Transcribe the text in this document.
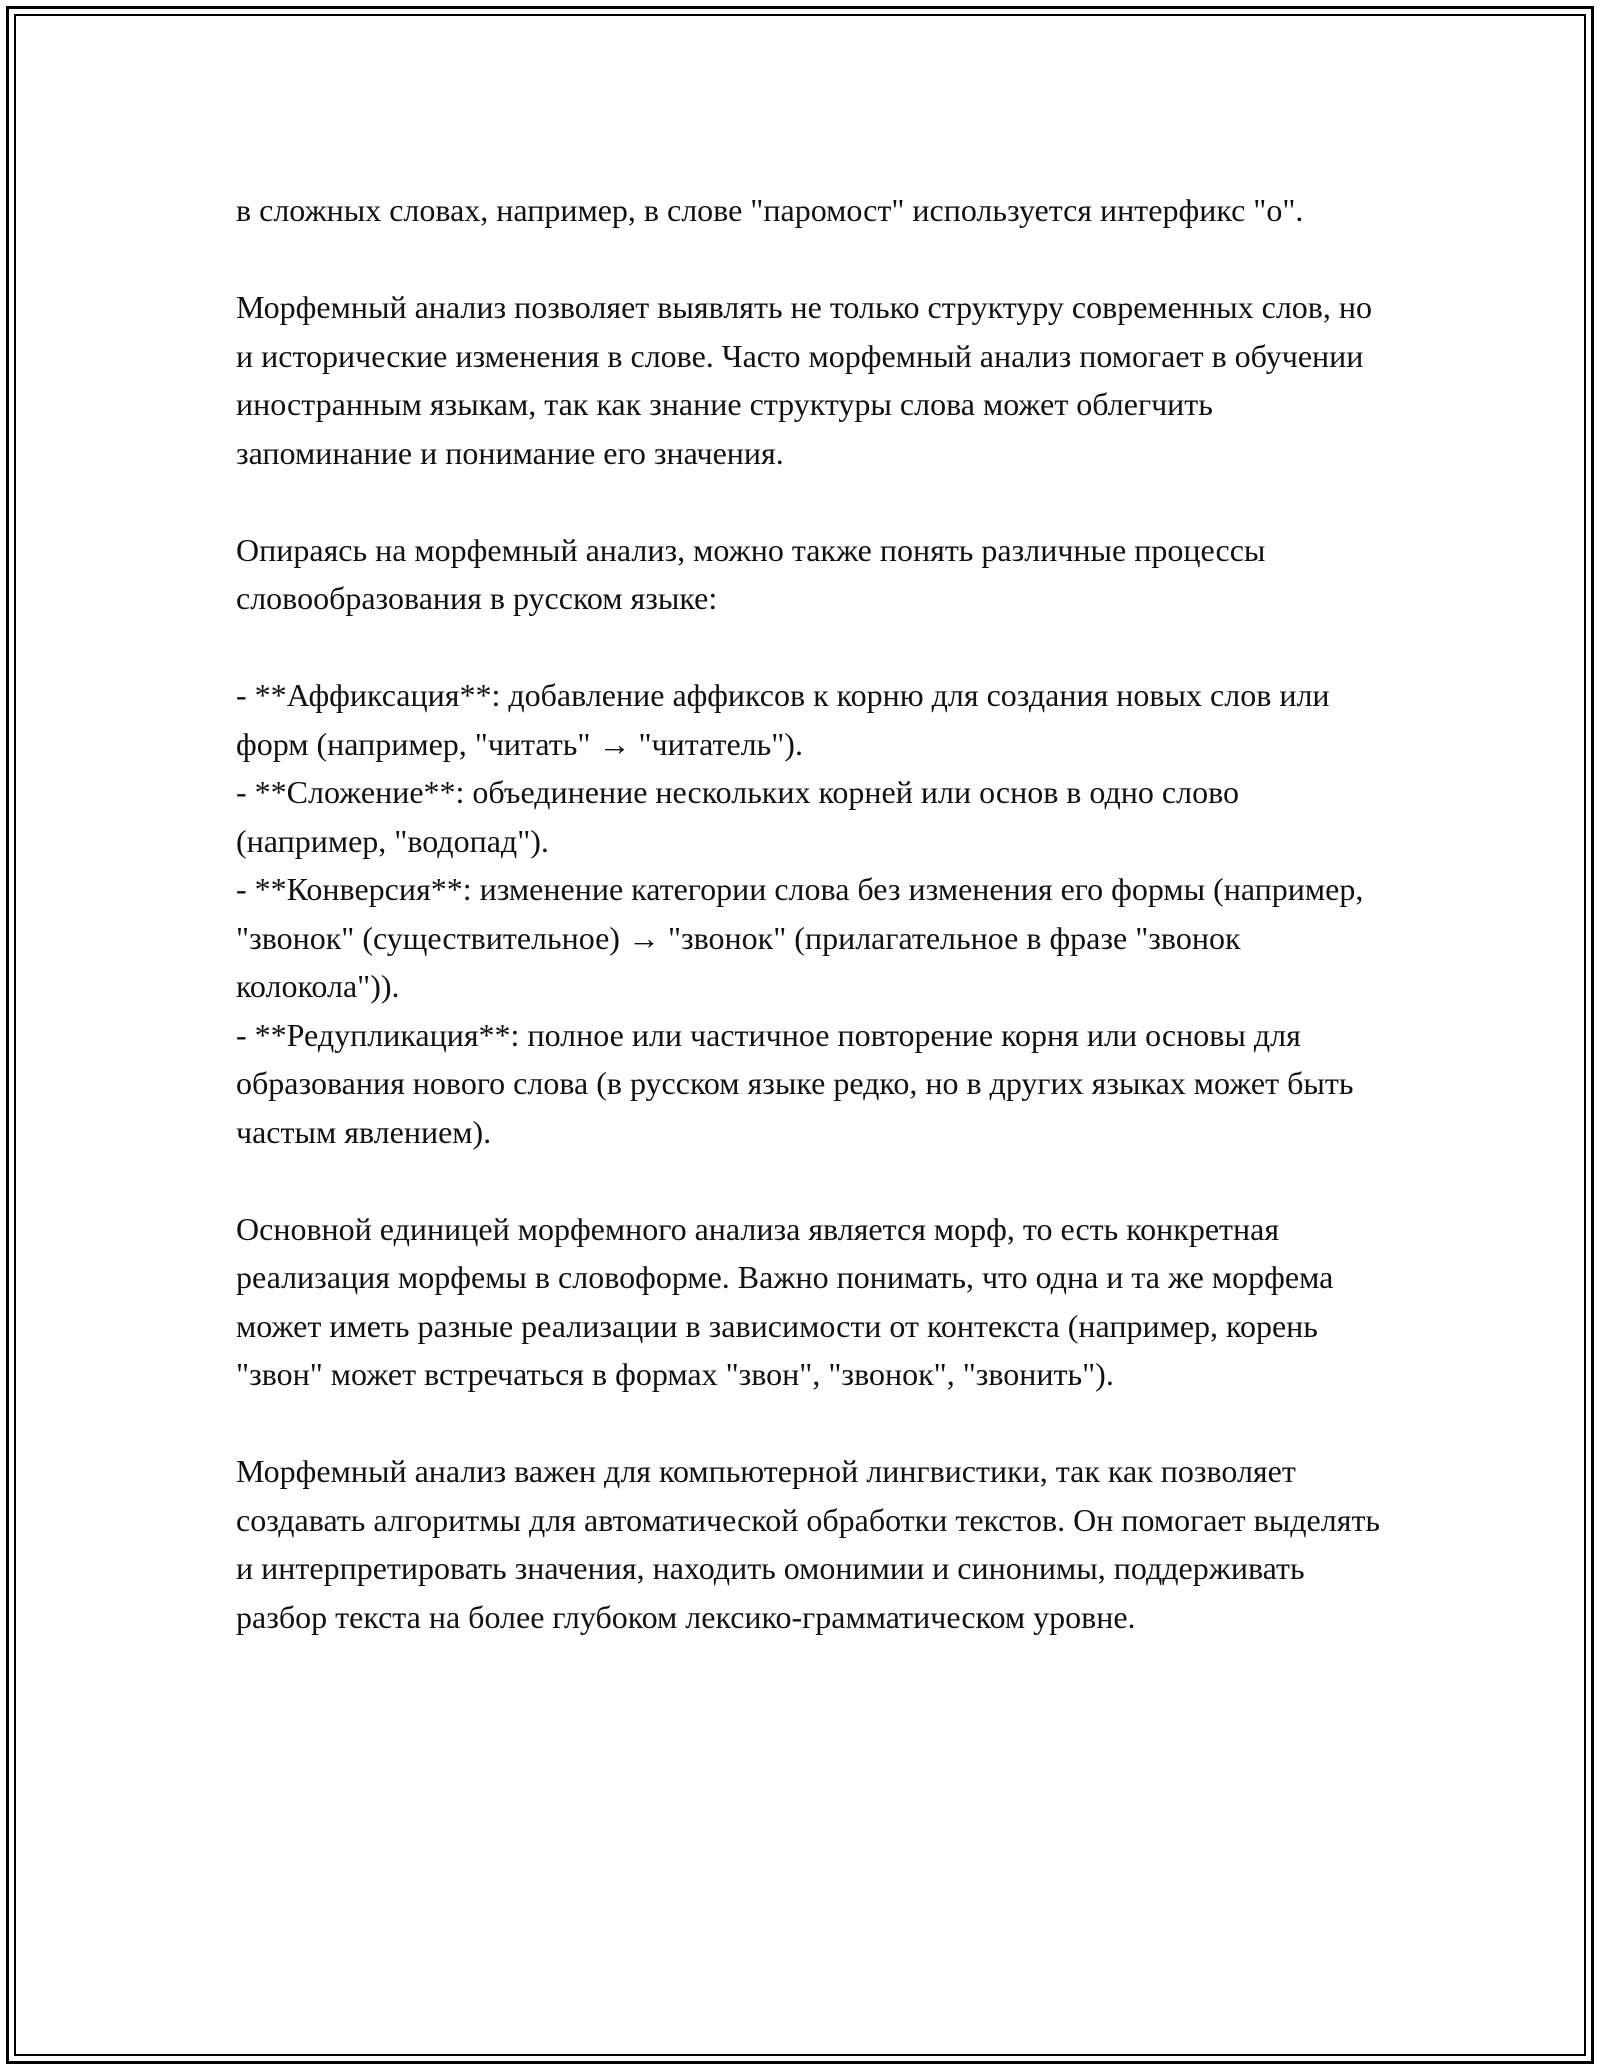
в сложных словах, например, в слове "паромост" используется интерфикс "о".

Морфемный анализ позволяет выявлять не только структуру современных слов, но и исторические изменения в слове. Часто морфемный анализ помогает в обучении иностранным языкам, так как знание структуры слова может облегчить запоминание и понимание его значения.

Опираясь на морфемный анализ, можно также понять различные процессы словообразования в русском языке:

- **Аффиксация**: добавление аффиксов к корню для создания новых слов или форм (например, "читать" → "читатель").

- **Сложение**: объединение нескольких корней или основ в одно слово (например, "водопад").

- **Конверсия**: изменение категории слова без изменения его формы (например, "звонок" (существительное) → "звонок" (прилагательное в фразе "звонок колокола")).

- **Редупликация**: полное или частичное повторение корня или основы для образования нового слова (в русском языке редко, но в других языках может быть частым явлением).

Основной единицей морфемного анализа является морф, то есть конкретная реализация морфемы в словоформе. Важно понимать, что одна и та же морфема может иметь разные реализации в зависимости от контекста (например, корень "звон" может встречаться в формах "звон", "звонок", "звонить").

Морфемный анализ важен для компьютерной лингвистики, так как позволяет создавать алгоритмы для автоматической обработки текстов. Он помогает выделять и интерпретировать значения, находить омонимии и синонимы, поддерживать разбор текста на более глубоком лексико-грамматическом уровне.
